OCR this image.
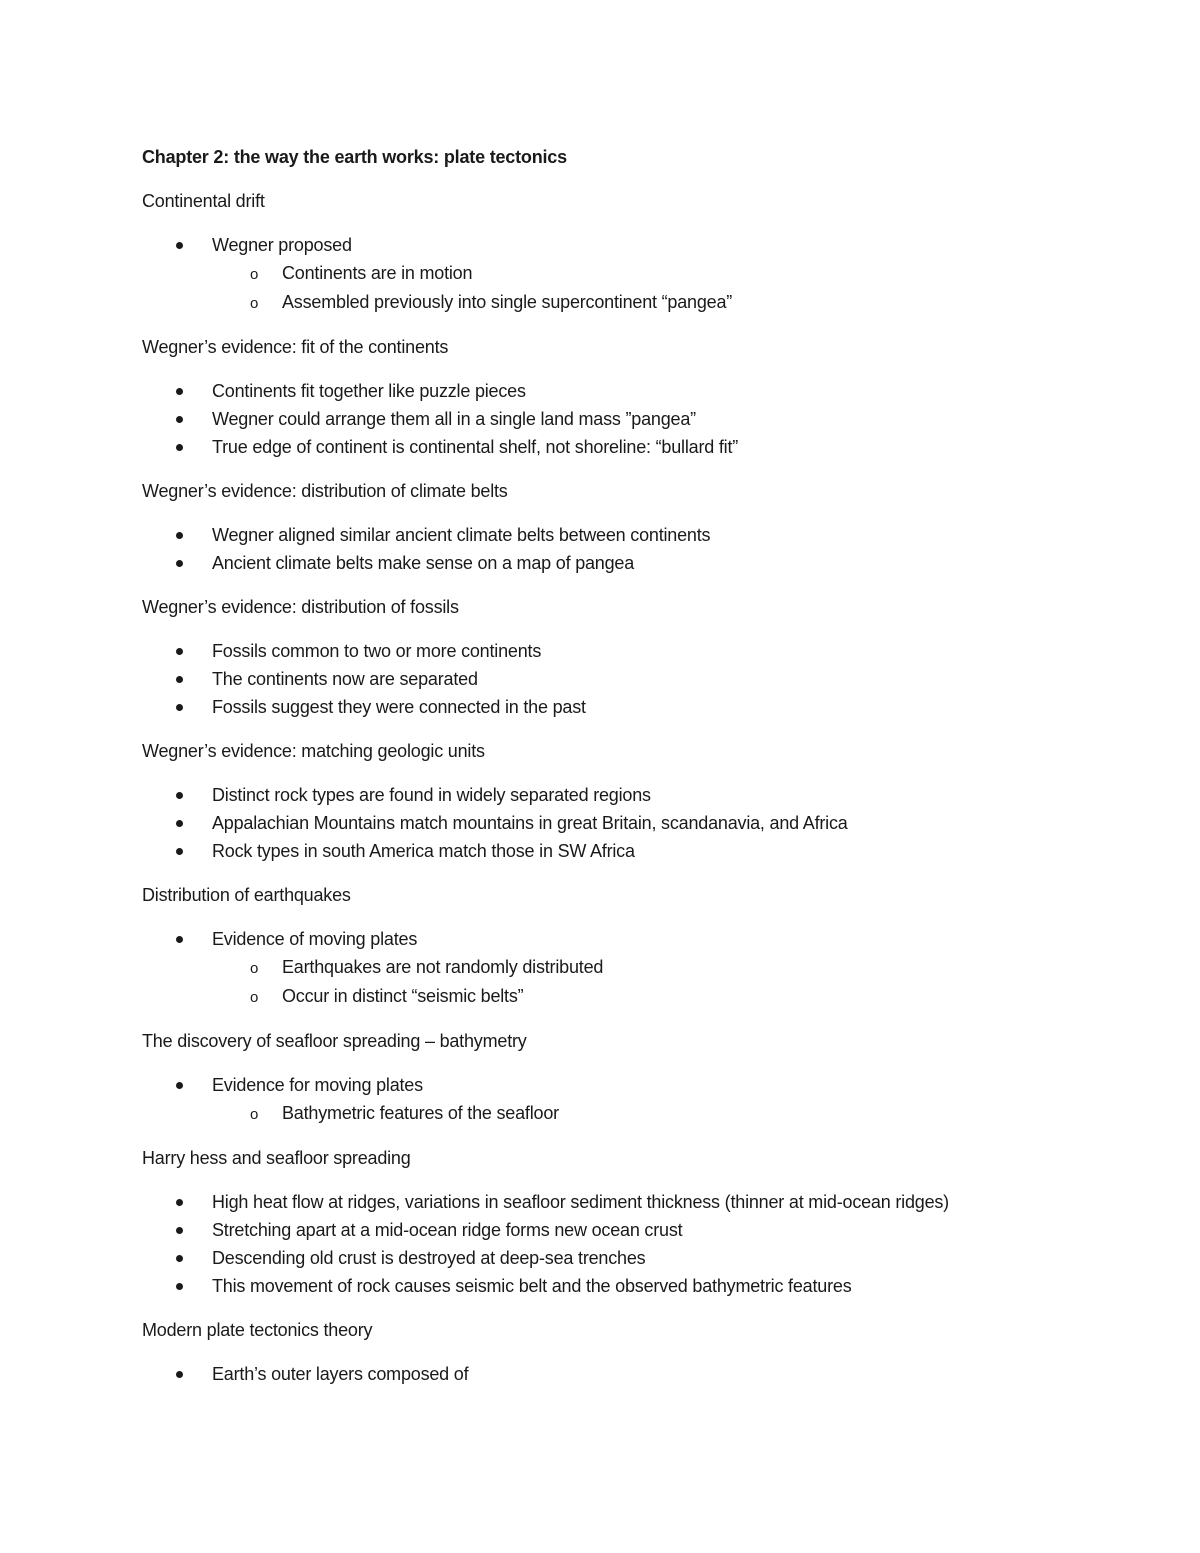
Chapter 2: the way the earth works: plate tectonics
Continental drift
Wegner proposed
o Continents are in motion
o Assembled previously into single supercontinent “pangea”
Wegner’s evidence: fit of the continents
Continents fit together like puzzle pieces
Wegner could arrange them all in a single land mass ”pangea”
True edge of continent is continental shelf, not shoreline: “bullard fit”
Wegner’s evidence: distribution of climate belts
Wegner aligned similar ancient climate belts between continents
Ancient climate belts make sense on a map of pangea
Wegner’s evidence: distribution of fossils
Fossils common to two or more continents
The continents now are separated
Fossils suggest they were connected in the past
Wegner’s evidence: matching geologic units
Distinct rock types are found in widely separated regions
Appalachian Mountains match mountains in great Britain, scandanavia, and Africa
Rock types in south America match those in SW Africa
Distribution of earthquakes
Evidence of moving plates
o Earthquakes are not randomly distributed
o Occur in distinct “seismic belts”
The discovery of seafloor spreading – bathymetry
Evidence for moving plates
o Bathymetric features of the seafloor
Harry hess and seafloor spreading
High heat flow at ridges, variations in seafloor sediment thickness (thinner at mid-ocean ridges)
Stretching apart at a mid-ocean ridge forms new ocean crust
Descending old crust is destroyed at deep-sea trenches
This movement of rock causes seismic belt and the observed bathymetric features
Modern plate tectonics theory
Earth’s outer layers composed of
